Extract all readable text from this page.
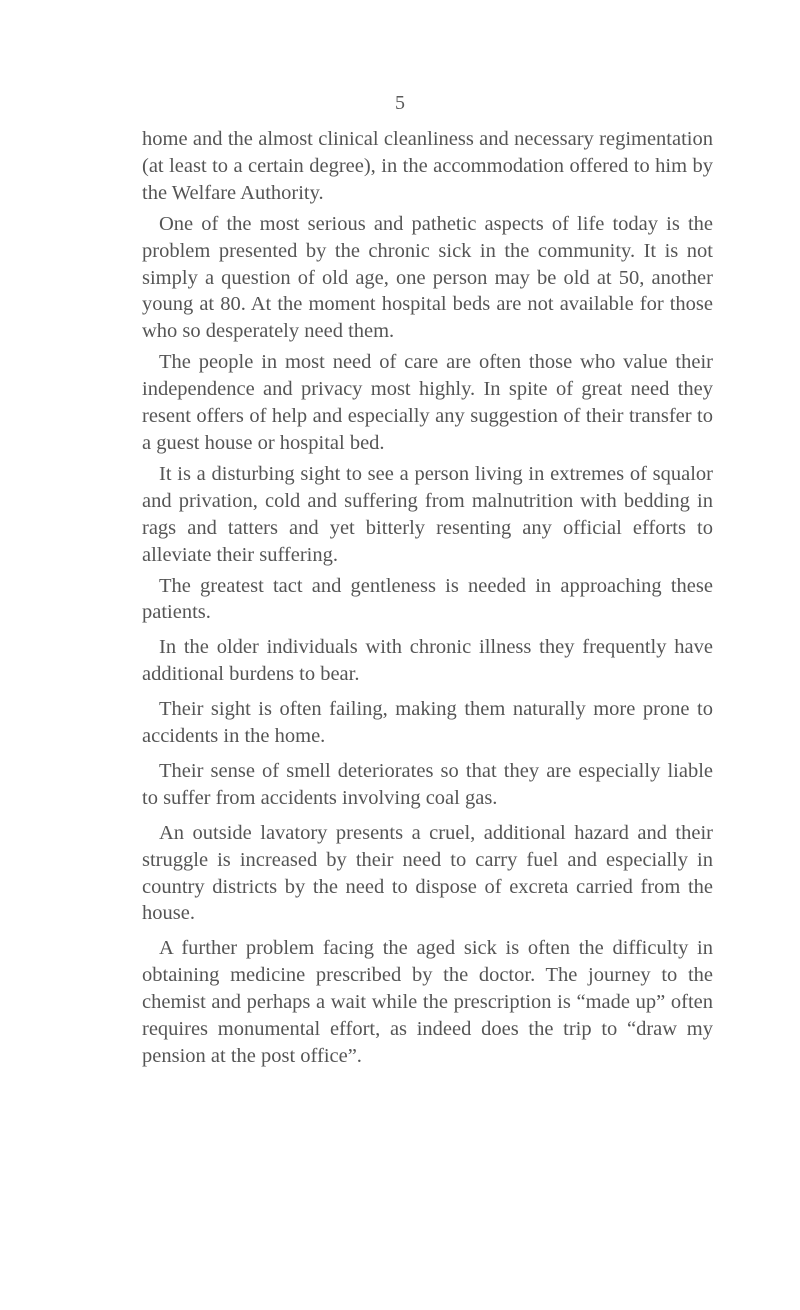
5

home and the almost clinical cleanliness and necessary regimentation (at least to a certain degree), in the accommodation offered to him by the Welfare Authority.

One of the most serious and pathetic aspects of life today is the problem presented by the chronic sick in the community. It is not simply a question of old age, one person may be old at 50, another young at 80. At the moment hospital beds are not available for those who so desperately need them.

The people in most need of care are often those who value their independence and privacy most highly. In spite of great need they resent offers of help and especially any suggestion of their transfer to a guest house or hospital bed.

It is a disturbing sight to see a person living in extremes of squalor and privation, cold and suffering from malnutrition with bedding in rags and tatters and yet bitterly resenting any official efforts to alleviate their suffering.

The greatest tact and gentleness is needed in approaching these patients.

In the older individuals with chronic illness they frequently have additional burdens to bear.

Their sight is often failing, making them naturally more prone to accidents in the home.

Their sense of smell deteriorates so that they are especially liable to suffer from accidents involving coal gas.

An outside lavatory presents a cruel, additional hazard and their struggle is increased by their need to carry fuel and especially in country districts by the need to dispose of excreta carried from the house.

A further problem facing the aged sick is often the difficulty in obtaining medicine prescribed by the doctor. The journey to the chemist and perhaps a wait while the prescription is “made up” often requires monumental effort, as indeed does the trip to “draw my pension at the post office”.
